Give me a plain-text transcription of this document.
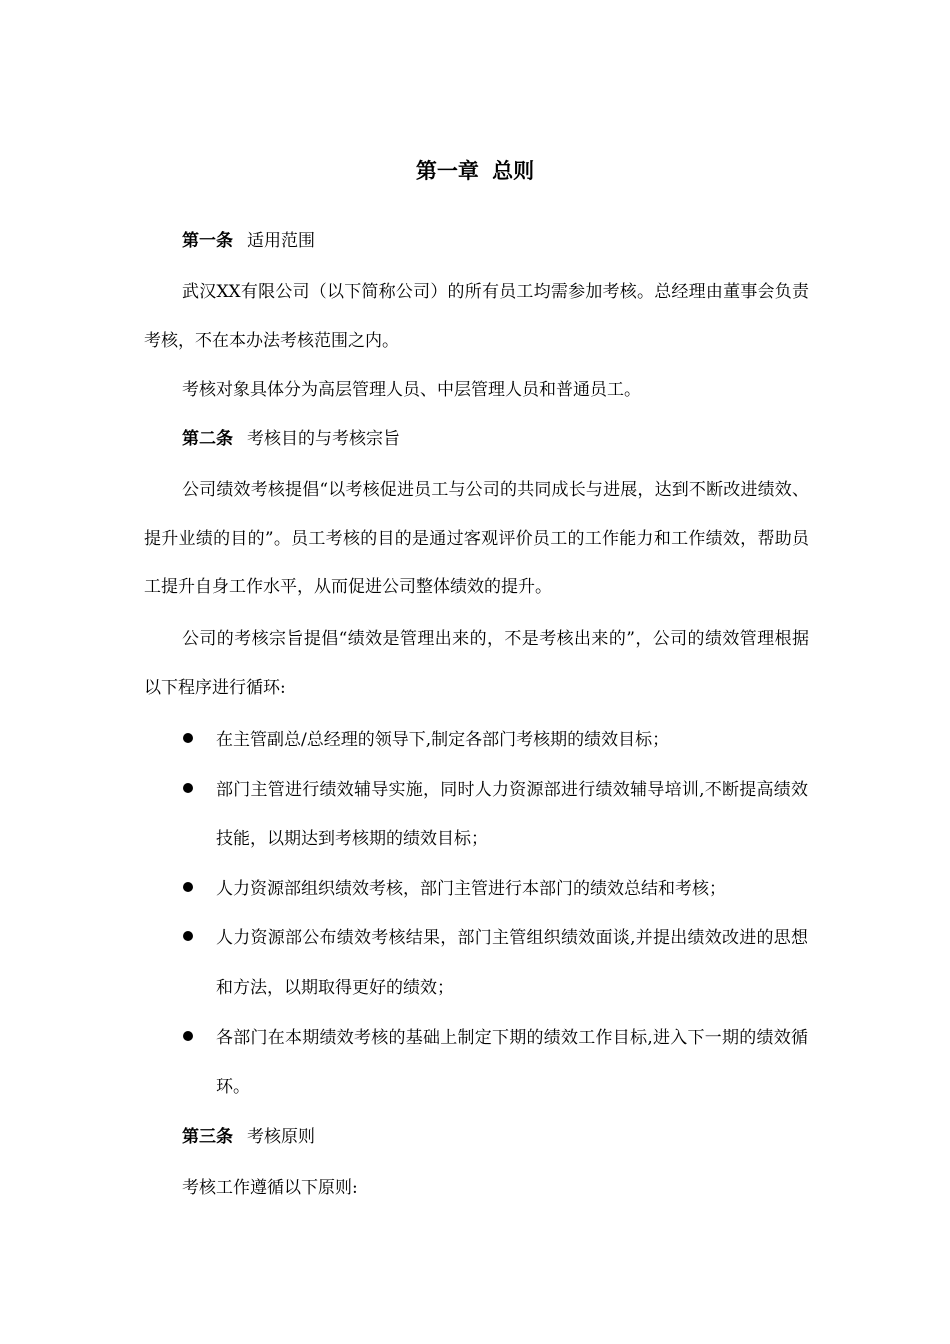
第一章 总则
第一条 适用范围
武汉XX有限公司（以下简称公司）的所有员工均需参加考核。总经理由董事会负责考核，不在本办法考核范围之内。
考核对象具体分为高层管理人员、中层管理人员和普通员工。
第二条 考核目的与考核宗旨
公司绩效考核提倡“以考核促进员工与公司的共同成长与进展，达到不断改进绩效、提升业绩的目的”。员工考核的目的是通过客观评价员工的工作能力和工作绩效，帮助员工提升自身工作水平，从而促进公司整体绩效的提升。
公司的考核宗旨提倡“绩效是管理出来的，不是考核出来的”，公司的绩效管理根据以下程序进行循环:
在主管副总/总经理的领导下,制定各部门考核期的绩效目标；
部门主管进行绩效辅导实施，同时人力资源部进行绩效辅导培训,不断提高绩效技能，以期达到考核期的绩效目标；
人力资源部组织绩效考核，部门主管进行本部门的绩效总结和考核；
人力资源部公布绩效考核结果，部门主管组织绩效面谈,并提出绩效改进的思想和方法，以期取得更好的绩效；
各部门在本期绩效考核的基础上制定下期的绩效工作目标,进入下一期的绩效循环。
第三条 考核原则
考核工作遵循以下原则:
